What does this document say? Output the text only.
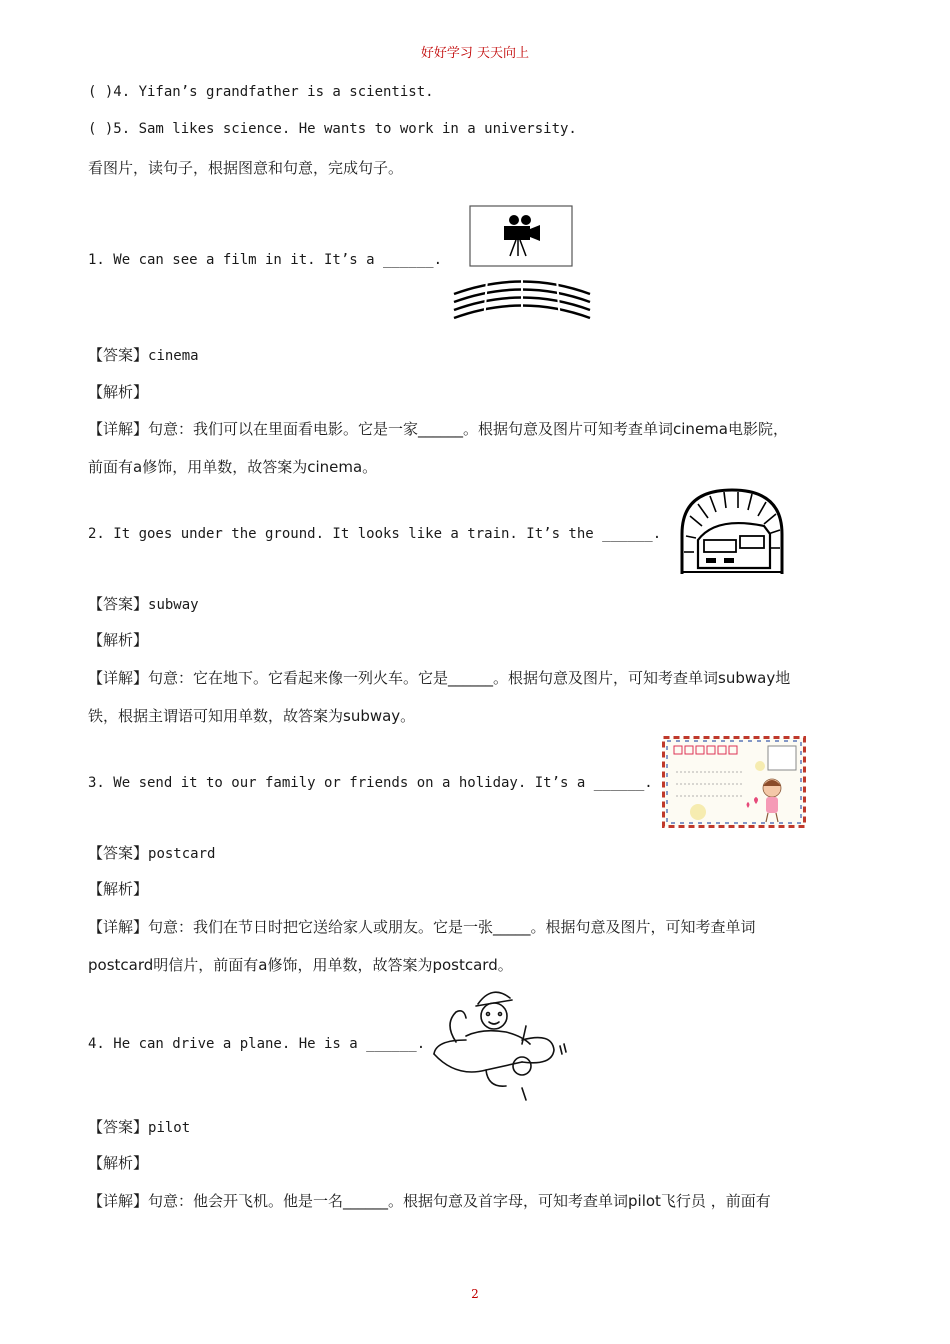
好好学习 天天向上
( )4. Yifan’s grandfather is a scientist.
( )5. Sam likes science. He wants to work in a university.
看图片，读句子，根据图意和句意，完成句子。
1. We can see a film in it. It’s a ______.
【答案】cinema
【解析】
【详解】句意：我们可以在里面看电影。它是一家______。根据句意及图片可知考查单词cinema电影院，
前面有a修饰，用单数，故答案为cinema。
2. It goes under the ground. It looks like a train. It’s the ______.
【答案】subway
【解析】
【详解】句意：它在地下。它看起来像一列火车。它是______。根据句意及图片，可知考查单词subway地
铁，根据主谓语可知用单数，故答案为subway。
3. We send it to our family or friends on a holiday. It’s a ______.
【答案】postcard
【解析】
【详解】句意：我们在节日时把它送给家人或朋友。它是一张_____。根据句意及图片，可知考查单词
postcard明信片，前面有a修饰，用单数，故答案为postcard。
4. He can drive a plane. He is a ______.
【答案】pilot
【解析】
【详解】句意：他会开飞机。他是一名______。根据句意及首字母，可知考查单词pilot飞行员 ，前面有
2
